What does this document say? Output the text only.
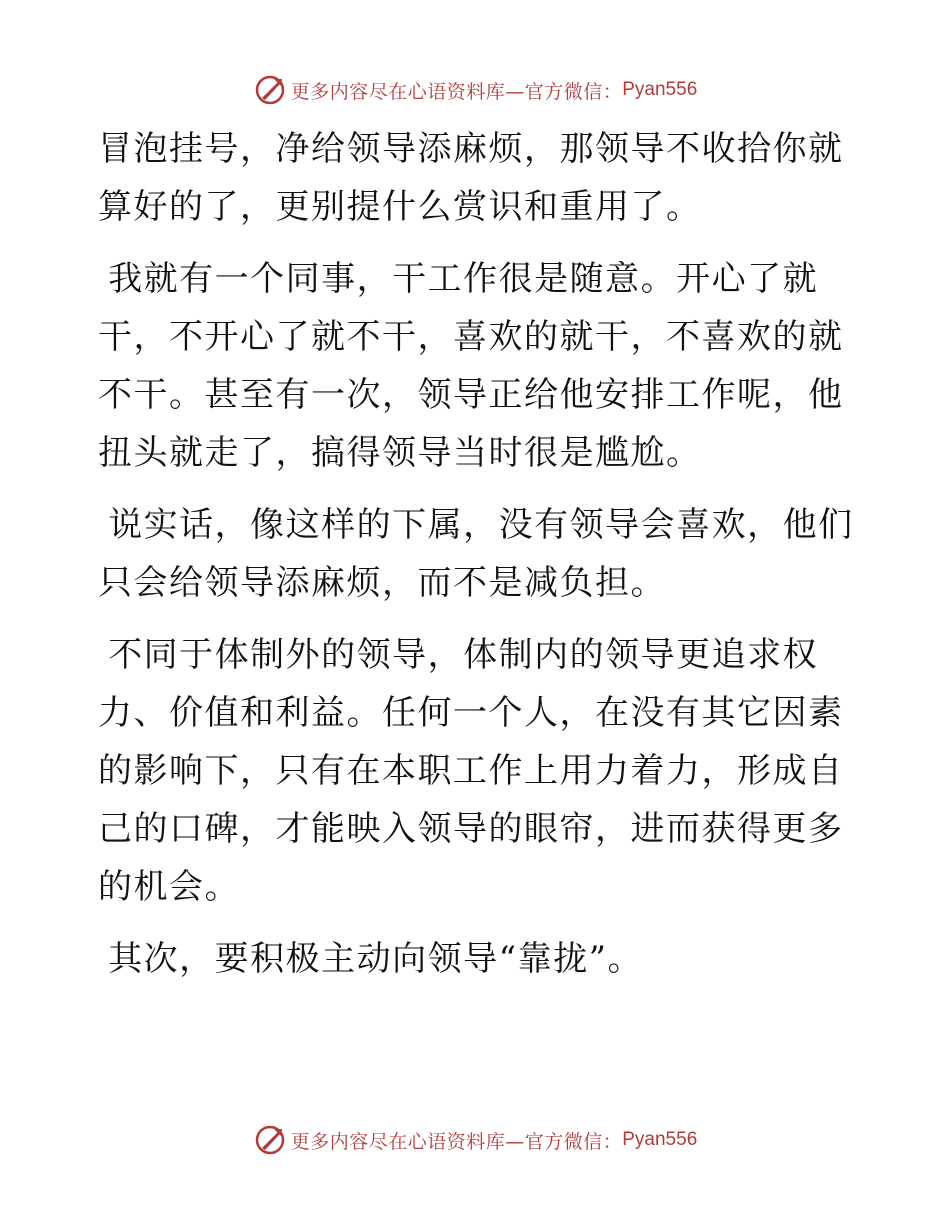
更多内容尽在心语资料库—官方微信： Pyan556

冒泡挂号，净给领导添麻烦，那领导不收拾你就算好的了，更别提什么赏识和重用了。

我就有一个同事，干工作很是随意。开心了就干，不开心了就不干，喜欢的就干，不喜欢的就不干。甚至有一次，领导正给他安排工作呢，他扭头就走了，搞得领导当时很是尴尬。

说实话，像这样的下属，没有领导会喜欢，他们只会给领导添麻烦，而不是减负担。

不同于体制外的领导，体制内的领导更追求权力、价值和利益。任何一个人，在没有其它因素的影响下，只有在本职工作上用力着力，形成自己的口碑，才能映入领导的眼帘，进而获得更多的机会。

其次，要积极主动向领导“靠拢”。

更多内容尽在心语资料库—官方微信： Pyan556
